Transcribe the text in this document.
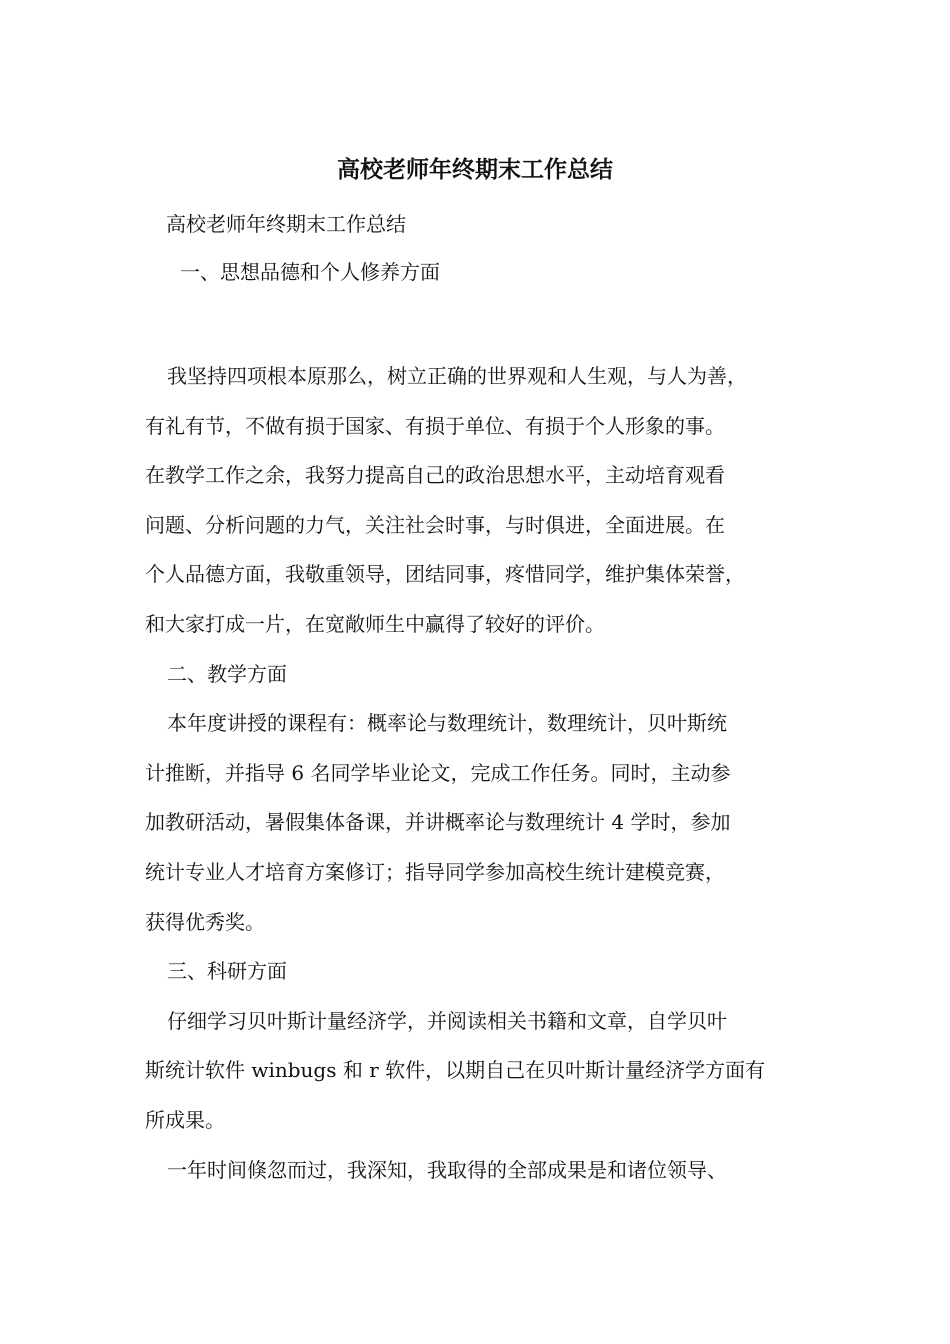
高校老师年终期末工作总结

高校老师年终期末工作总结

一、思想品德和个人修养方面

我坚持四项根本原那么，树立正确的世界观和人生观，与人为善，
有礼有节，不做有损于国家、有损于单位、有损于个人形象的事。
在教学工作之余，我努力提高自己的政治思想水平，主动培育观看
问题、分析问题的力气，关注社会时事，与时俱进，全面进展。在
个人品德方面，我敬重领导，团结同事，疼惜同学，维护集体荣誉，
和大家打成一片，在宽敞师生中赢得了较好的评价。
二、教学方面
本年度讲授的课程有：概率论与数理统计，数理统计，贝叶斯统
计推断，并指导 6 名同学毕业论文，完成工作任务。同时，主动参
加教研活动，暑假集体备课，并讲概率论与数理统计 4 学时，参加
统计专业人才培育方案修订；指导同学参加高校生统计建模竞赛，
获得优秀奖。
三、科研方面
仔细学习贝叶斯计量经济学，并阅读相关书籍和文章，自学贝叶
斯统计软件 winbugs 和 r 软件，以期自己在贝叶斯计量经济学方面有
所成果。
一年时间倏忽而过，我深知，我取得的全部成果是和诸位领导、
